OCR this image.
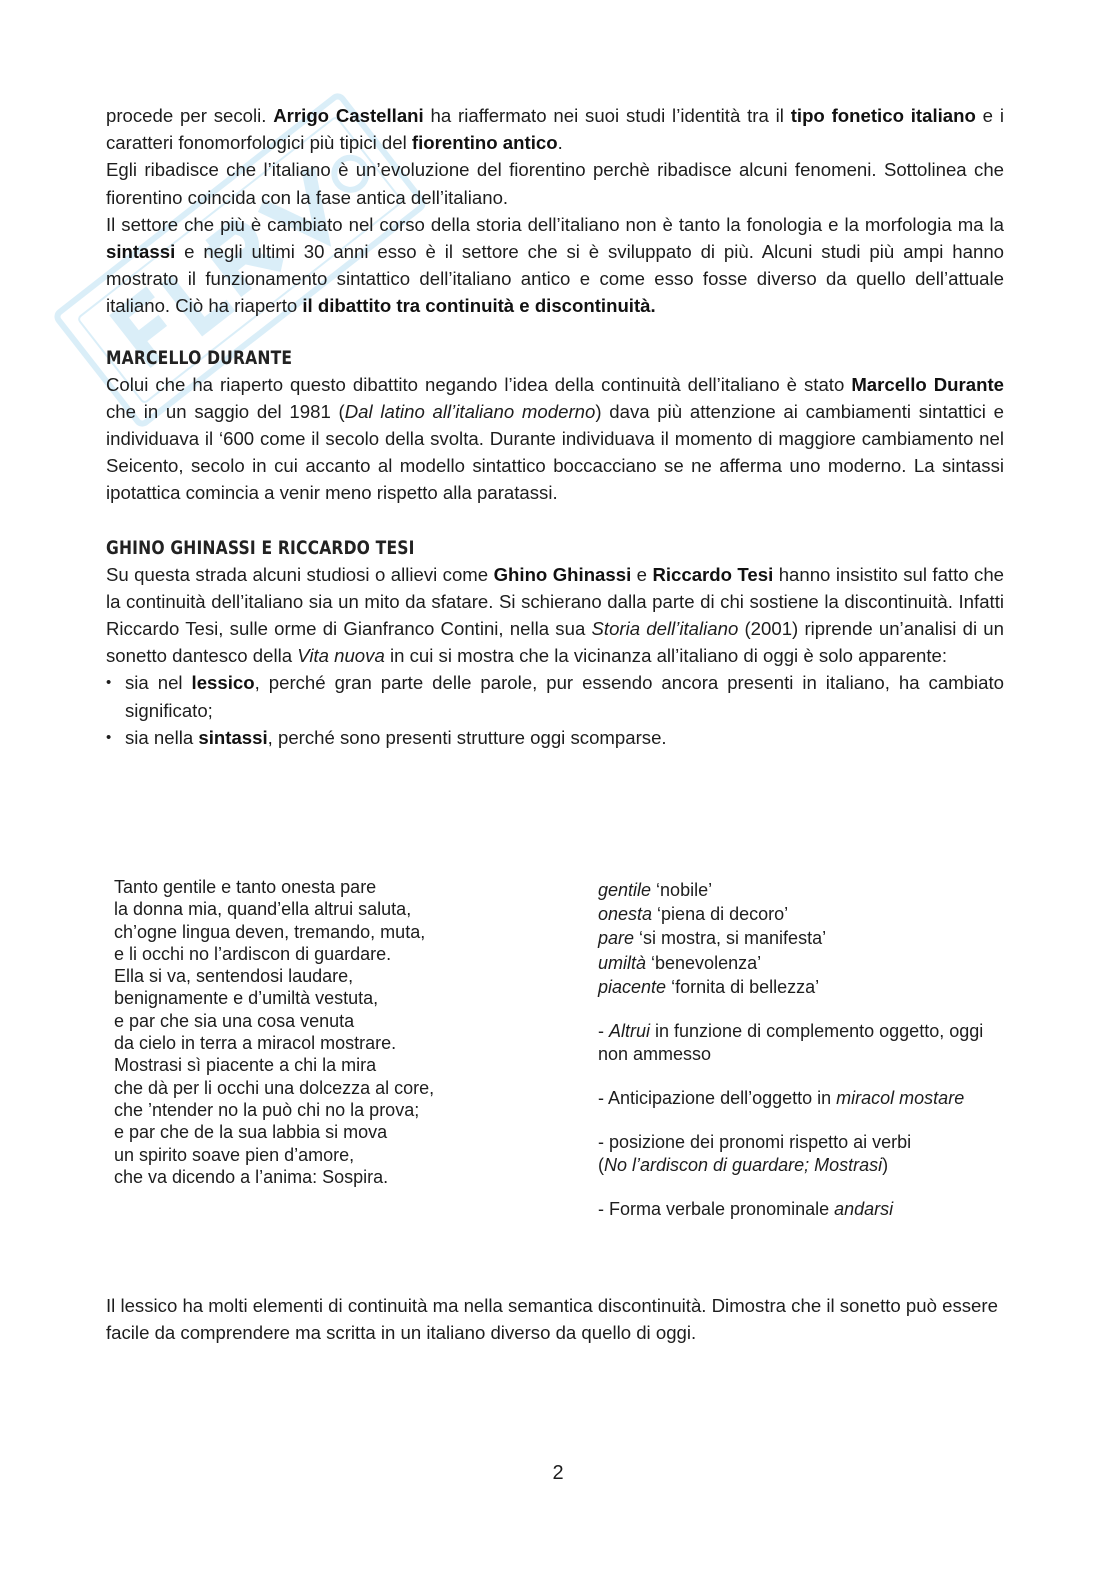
procede per secoli. Arrigo Castellani ha riaffermato nei suoi studi l’identità tra il tipo fonetico italiano e i caratteri fonomorfologici più tipici del fiorentino antico.

Egli ribadisce che l’italiano è un’evoluzione del fiorentino perchè ribadisce alcuni fenomeni. Sottolinea che fiorentino coincida con la fase antica dell’italiano.

Il settore che più è cambiato nel corso della storia dell’italiano non è tanto la fonologia e la morfologia ma la sintassi e negli ultimi 30 anni esso è il settore che si è sviluppato di più. Alcuni studi più ampi hanno mostrato il funzionamento sintattico dell’italiano antico e come esso fosse diverso da quello dell’attuale italiano. Ciò ha riaperto il dibattito tra continuità e discontinuità.

MARCELLO DURANTE

Colui che ha riaperto questo dibattito negando l’idea della continuità dell’italiano è stato Marcello Durante che in un saggio del 1981 (Dal latino all’italiano moderno) dava più attenzione ai cambiamenti sintattici e individuava il ‘600 come il secolo della svolta. Durante individuava il momento di maggiore cambiamento nel Seicento, secolo in cui accanto al modello sintattico boccacciano se ne afferma uno moderno. La sintassi ipotattica comincia a venir meno rispetto alla paratassi.

GHINO GHINASSI E RICCARDO TESI

Su questa strada alcuni studiosi o allievi come Ghino Ghinassi e Riccardo Tesi hanno insistito sul fatto che la continuità dell’italiano sia un mito da sfatare. Si schierano dalla parte di chi sostiene la discontinuità. Infatti Riccardo Tesi, sulle orme di Gianfranco Contini, nella sua Storia dell’italiano (2001) riprende un’analisi di un sonetto dantesco della Vita nuova in cui si mostra che la vicinanza all’italiano di oggi è solo apparente:

• sia nel lessico, perché gran parte delle parole, pur essendo ancora presenti in italiano, ha cambiato significato;
• sia nella sintassi, perché sono presenti strutture oggi scomparse.
Tanto gentile e tanto onesta pare
la donna mia, quand’ella altrui saluta,
ch’ogne lingua deven, tremando, muta,
e li occhi no l’ardiscon di guardare.
Ella si va, sentendosi laudare,
benignamente e d’umiltà vestuta,
e par che sia una cosa venuta
da cielo in terra a miracol mostrare.
Mostrasi sì piacente a chi la mira
che dà per li occhi una dolcezza al core,
che ’ntender no la può chi no la prova;
e par che de la sua labbia si mova
un spirito soave pien d’amore,
che va dicendo a l’anima: Sospira.
gentile ‘nobile’
onesta ‘piena di decoro’
pare ‘si mostra, si manifesta’
umiltà ‘benevolenza’
piacente ‘fornita di bellezza’
- Altrui in funzione di complemento oggetto, oggi
non ammesso
- Anticipazione dell’oggetto in miracol mostare
- posizione dei pronomi rispetto ai verbi
(No l’ardiscon di guardare; Mostrasi)
- Forma verbale pronominale andarsi

Il lessico ha molti elementi di continuità ma nella semantica discontinuità. Dimostra che il sonetto può essere facile da comprendere ma scritta in un italiano diverso da quello di oggi.

2
